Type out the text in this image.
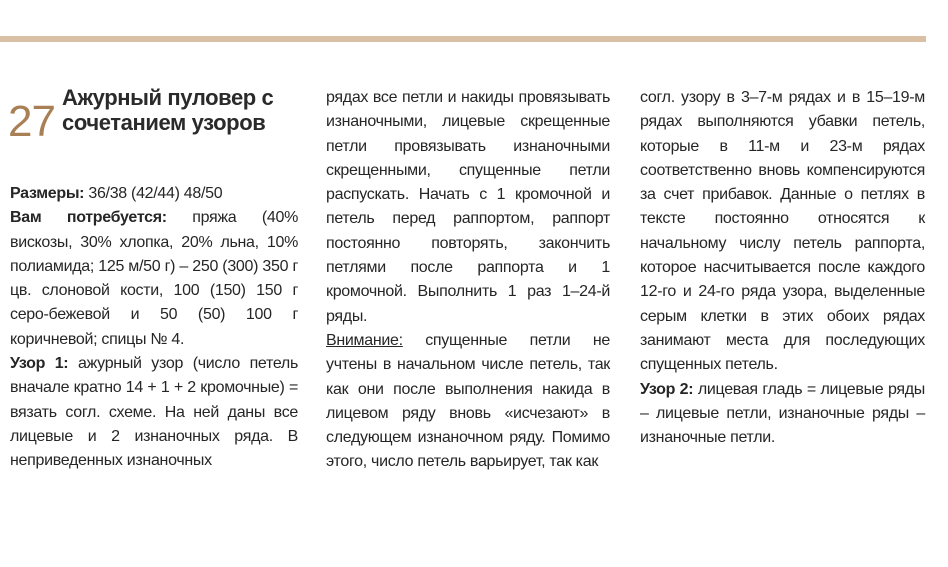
27 Ажурный пуловер с сочетанием узоров

Размеры: 36/38 (42/44) 48/50

Вам потребуется: пряжа (40% вискозы, 30% хлопка, 20% льна, 10% полиамида; 125 м/50 г) – 250 (300) 350 г цв. слоновой кости, 100 (150) 150 г серо-бежевой и 50 (50) 100 г коричневой; спицы № 4.

Узор 1: ажурный узор (число петель вначале кратно 14 + 1 + 2 кромочные) = вязать согл. схеме. На ней даны все лицевые и 2 изнаночных ряда. В неприведенных изнаночных

рядах все петли и накиды провязывать изнаночными, лицевые скрещенные петли провязывать изнаночными скрещенными, спущенные петли распускать. Начать с 1 кромочной и петель перед раппортом, раппорт постоянно повторять, закончить петлями после раппорта и 1 кромочной. Выполнить 1 раз 1–24-й ряды.

Внимание: спущенные петли не учтены в начальном числе петель, так как они после выполнения накида в лицевом ряду вновь «исчезают» в следующем изнаночном ряду. Помимо этого, число петель варьирует, так как

согл. узору в 3–7-м рядах и в 15–19-м рядах выполняются убавки петель, которые в 11-м и 23-м рядах соответственно вновь компенсируются за счет прибавок. Данные о петлях в тексте постоянно относятся к начальному числу петель раппорта, которое насчитывается после каждого 12-го и 24-го ряда узора, выделенные серым клетки в этих обоих рядах занимают места для последующих спущенных петель.

Узор 2: лицевая гладь = лицевые ряды – лицевые петли, изнаночные ряды – изнаночные петли.
